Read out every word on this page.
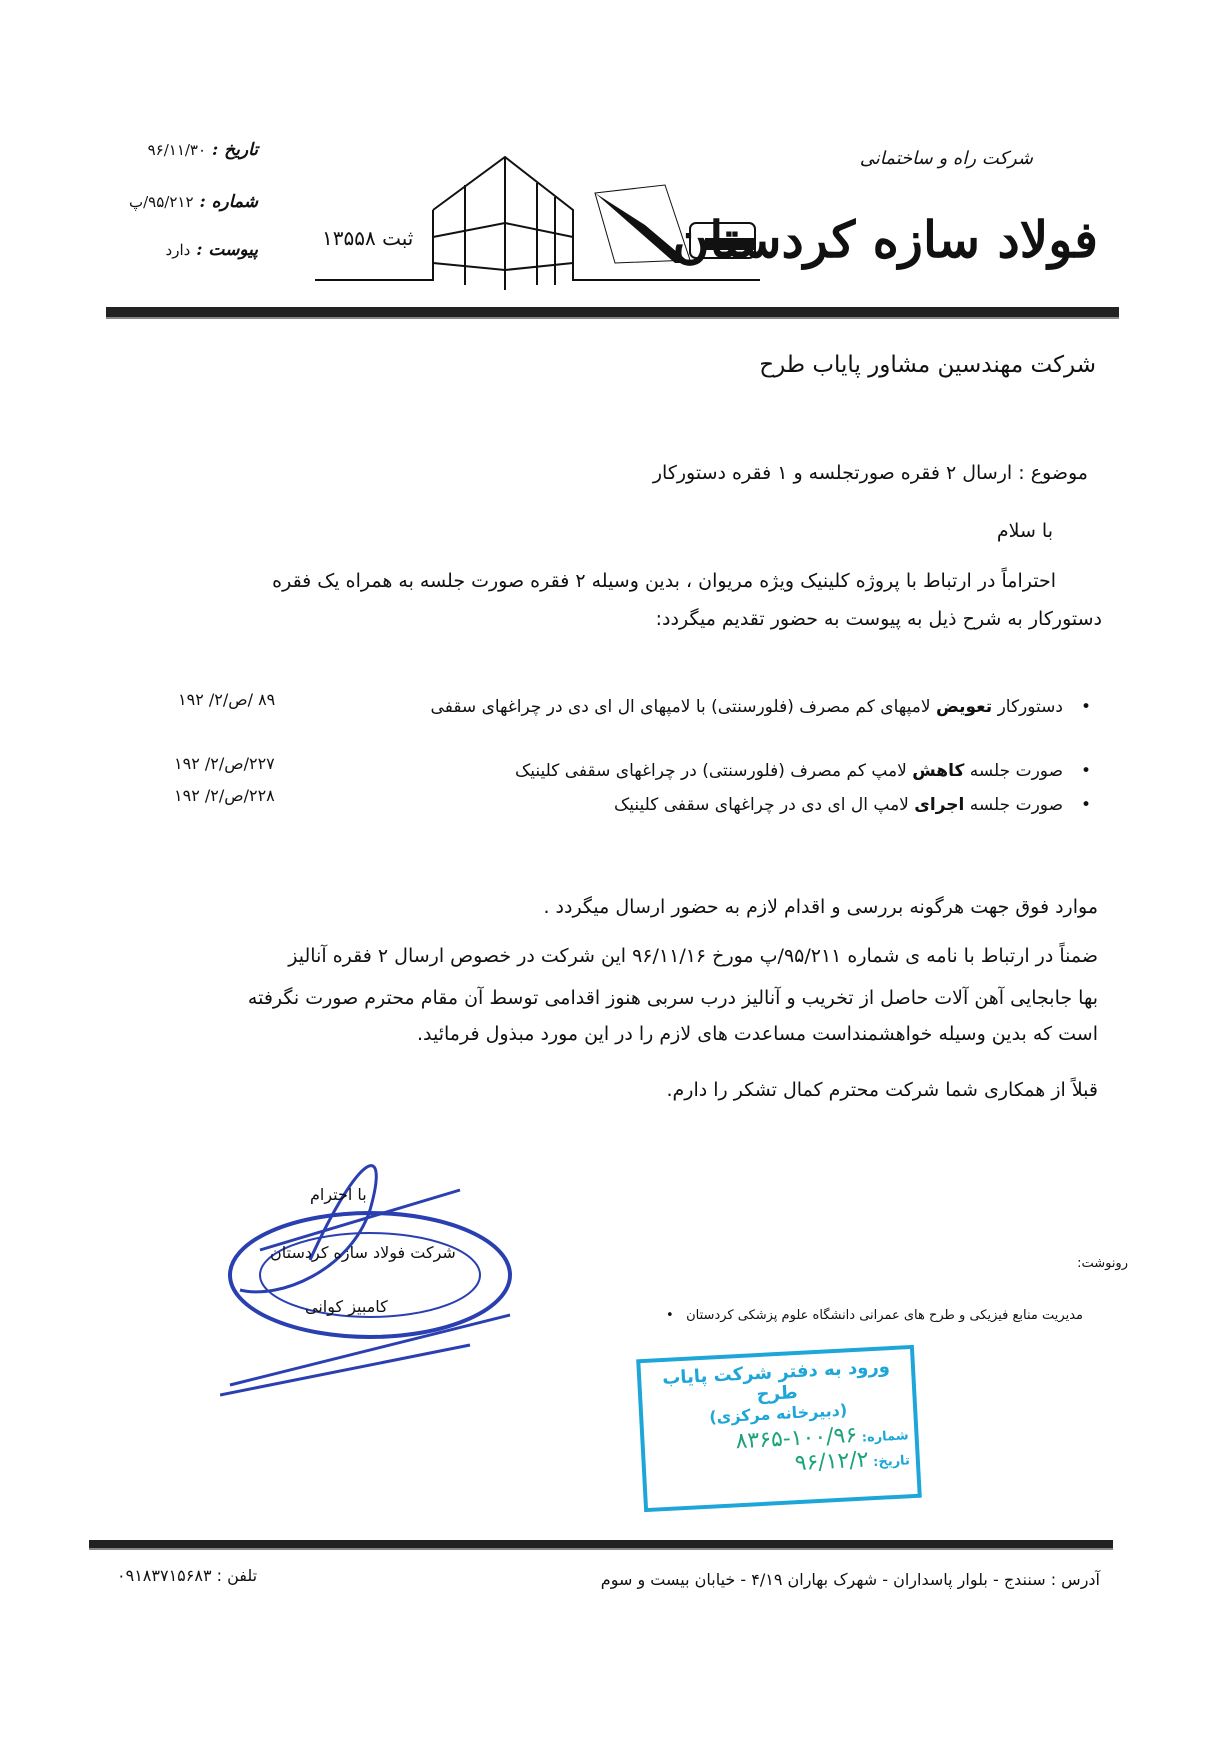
تاریخ : ۹۶/۱۱/۳۰
شماره : ۹۵/۲۱۲/پ
پیوست : دارد	ثبت ۱۳۵۵۸
شرکت راه و ساختمانی
فولاد سازه کردستان
شرکت مهندسین مشاور پایاب طرح
موضوع : ارسال ۲ فقره صورتجلسه و ۱ فقره دستورکار
با سلام
احتراماً در ارتباط با پروژه کلینیک ویژه مریوان ، بدین وسیله ۲ فقره صورت جلسه به همراه یک فقره
دستورکار به شرح ذیل به پیوست به حضور تقدیم میگردد:
• دستورکار تعویض لامپهای کم مصرف (فلورسنتی) با لامپهای ال ای دی در چراغهای سقفی
۸۹ /ص/۲/ ۱۹۲
• صورت جلسه کاهش لامپ کم مصرف (فلورسنتی) در چراغهای سقفی کلینیک
۲۲۷/ص/۲/ ۱۹۲
• صورت جلسه اجرای لامپ ال ای دی در چراغهای سقفی کلینیک
۲۲۸/ص/۲/ ۱۹۲
موارد فوق جهت هرگونه بررسی و اقدام لازم به حضور ارسال میگردد .
ضمناً در ارتباط با نامه ی شماره ۹۵/۲۱۱/پ مورخ ۹۶/۱۱/۱۶ این شرکت در خصوص ارسال ۲ فقره آنالیز
بها جابجایی آهن آلات حاصل از تخریب و آنالیز درب سربی هنوز اقدامی توسط آن مقام محترم صورت نگرفته
است که بدین وسیله خواهشمنداست مساعدت های لازم را در این مورد مبذول فرمائید.
قبلاً از همکاری شما شرکت محترم کمال تشکر را دارم.
با احترام
شرکت فولاد سازه کردستان
کامبیز کوانی
رونوشت:
مدیریت منابع فیزیکی و طرح های عمرانی دانشگاه علوم پزشکی کردستان   •
ورود به دفتر شرکت پایاب طرح
(دبیرخانه مرکزی)
شماره: ۱۰۰/۹۶-۸۳۶۵
تاریخ: ۹۶/۱۲/۲
آدرس : سنندج - بلوار پاسداران - شهرک بهاران ۴/۱۹ - خیابان بیست و سوم
تلفن : ۰۹۱۸۳۷۱۵۶۸۳
